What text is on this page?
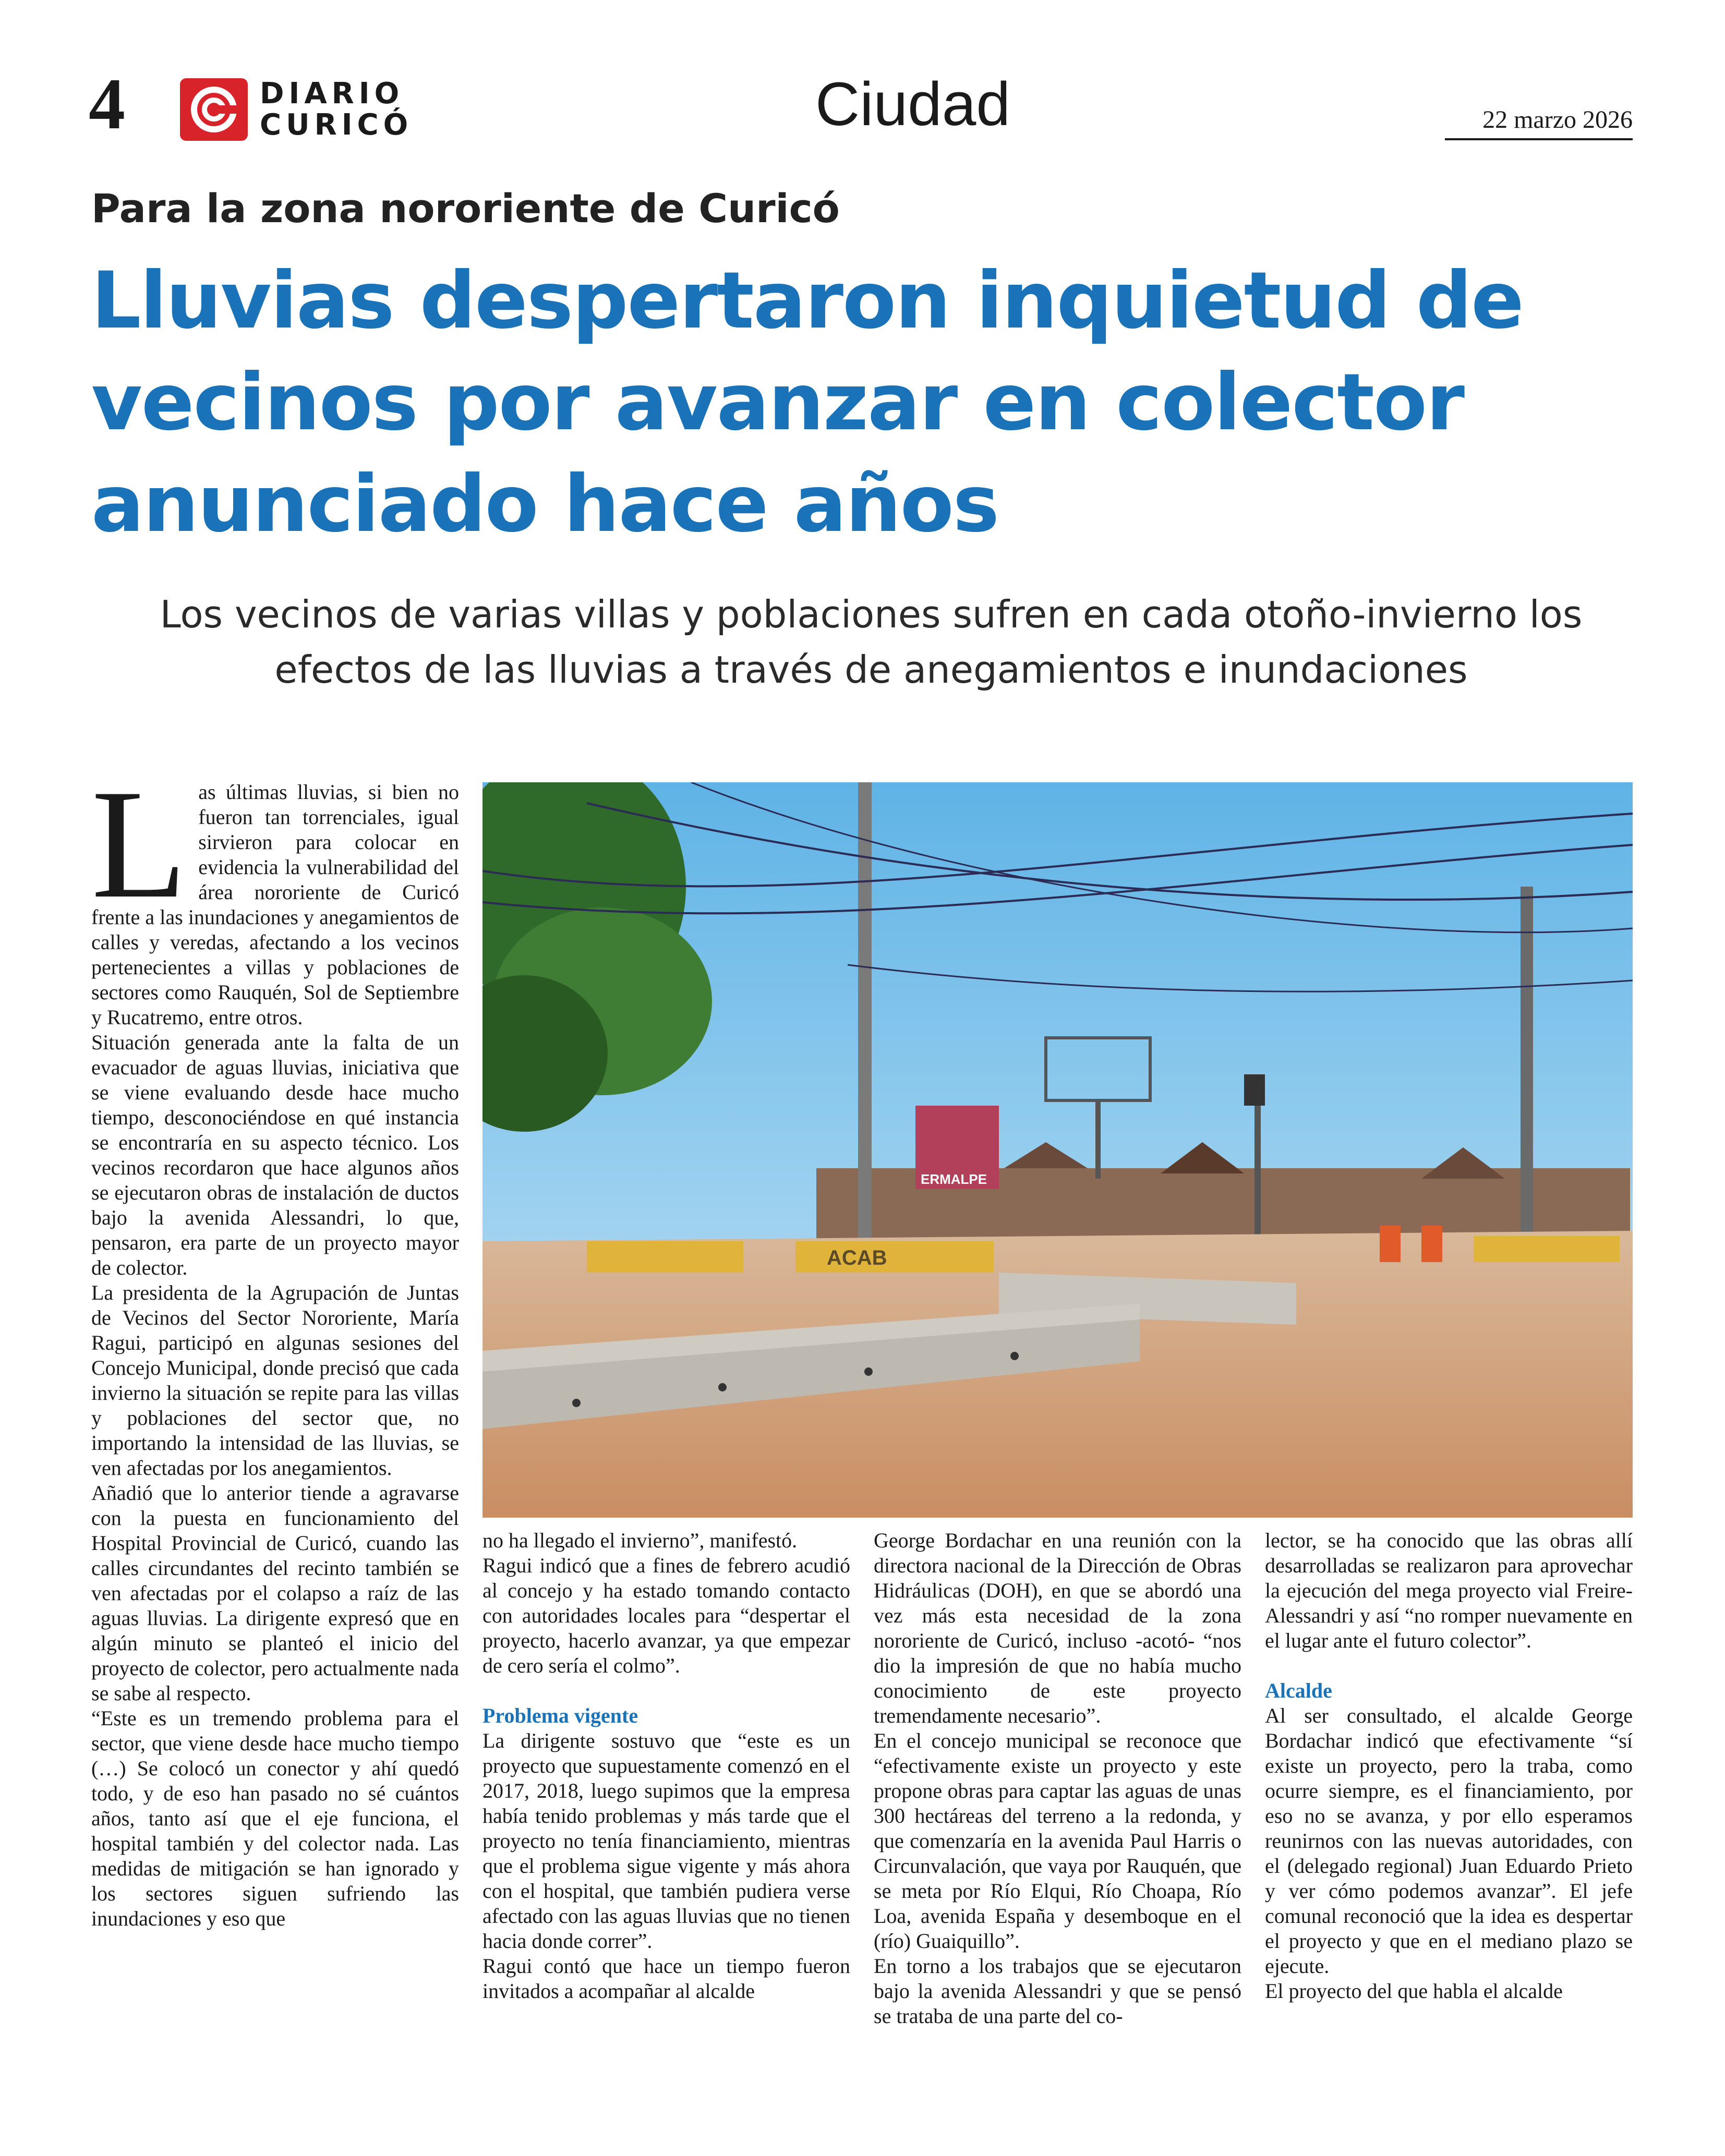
4	DIARIO
CURICÓ	Ciudad	22 marzo 2026
Para la zona nororiente de Curicó
Lluvias despertaron inquietud de vecinos por avanzar en colector anunciado hace años
Los vecinos de varias villas y poblaciones sufren en cada otoño-invierno los efectos de las lluvias a través de anegamientos e inundaciones
L as últimas lluvias, si bien no fueron tan torrenciales, igual sirvieron para colocar en evidencia la vulnerabilidad del área nororiente de Curicó frente a las inundaciones y anegamientos de calles y veredas, afectando a los vecinos pertenecientes a villas y poblaciones de sectores como Rauquén, Sol de Septiembre y Rucatremo, entre otros.

Situación generada ante la falta de un evacuador de aguas lluvias, iniciativa que se viene evaluando desde hace mucho tiempo, desconociéndose en qué instancia se encontraría en su aspecto técnico. Los vecinos recordaron que hace algunos años se ejecutaron obras de instalación de ductos bajo la avenida Alessandri, lo que, pensaron, era parte de un proyecto mayor de colector.

La presidenta de la Agrupación de Juntas de Vecinos del Sector Nororiente, María Ragui, participó en algunas sesiones del Concejo Municipal, donde precisó que cada invierno la situación se repite para las villas y poblaciones del sector que, no importando la intensidad de las lluvias, se ven afectadas por los anegamientos.

Añadió que lo anterior tiende a agravarse con la puesta en funcionamiento del Hospital Provincial de Curicó, cuando las calles circundantes del recinto también se ven afectadas por el colapso a raíz de las aguas lluvias. La dirigente expresó que en algún minuto se planteó el inicio del proyecto de colector, pero actualmente nada se sabe al respecto.

“Este es un tremendo problema para el sector, que viene desde hace mucho tiempo (…) Se colocó un conector y ahí quedó todo, y de eso han pasado no sé cuántos años, tanto así que el eje funciona, el hospital también y del colector nada. Las medidas de mitigación se han ignorado y los sectores siguen sufriendo las inundaciones y eso que

ERMALPE
ACAB

no ha llegado el invierno”, manifestó.

Ragui indicó que a fines de febrero acudió al concejo y ha estado tomando contacto con autoridades locales para “despertar el proyecto, hacerlo avanzar, ya que empezar de cero sería el colmo”.

Problema vigente

La dirigente sostuvo que “este es un proyecto que supuestamente comenzó en el 2017, 2018, luego supimos que la empresa había tenido problemas y más tarde que el proyecto no tenía financiamiento, mientras que el problema sigue vigente y más ahora con el hospital, que también pudiera verse afectado con las aguas lluvias que no tienen hacia donde correr”.

Ragui contó que hace un tiempo fueron invitados a acompañar al alcalde

George Bordachar en una reunión con la directora nacional de la Dirección de Obras Hidráulicas (DOH), en que se abordó una vez más esta necesidad de la zona nororiente de Curicó, incluso -acotó- “nos dio la impresión de que no había mucho conocimiento de este proyecto tremendamente necesario”.

En el concejo municipal se reconoce que “efectivamente existe un proyecto y este propone obras para captar las aguas de unas 300 hectáreas del terreno a la redonda, y que comenzaría en la avenida Paul Harris o Circunvalación, que vaya por Rauquén, que se meta por Río Elqui, Río Choapa, Río Loa, avenida España y desemboque en el (río) Guaiquillo”.

En torno a los trabajos que se ejecutaron bajo la avenida Alessandri y que se pensó se trataba de una parte del co-

lector, se ha conocido que las obras allí desarrolladas se realizaron para aprovechar la ejecución del mega proyecto vial Freire-Alessandri y así “no romper nuevamente en el lugar ante el futuro colector”.

Alcalde

Al ser consultado, el alcalde George Bordachar indicó que efectivamente “sí existe un proyecto, pero la traba, como ocurre siempre, es el financiamiento, por eso no se avanza, y por ello esperamos reunirnos con las nuevas autoridades, con el (delegado regional) Juan Eduardo Prieto y ver cómo podemos avanzar”. El jefe comunal reconoció que la idea es despertar el proyecto y que en el mediano plazo se ejecute.

El proyecto del que habla el alcalde
